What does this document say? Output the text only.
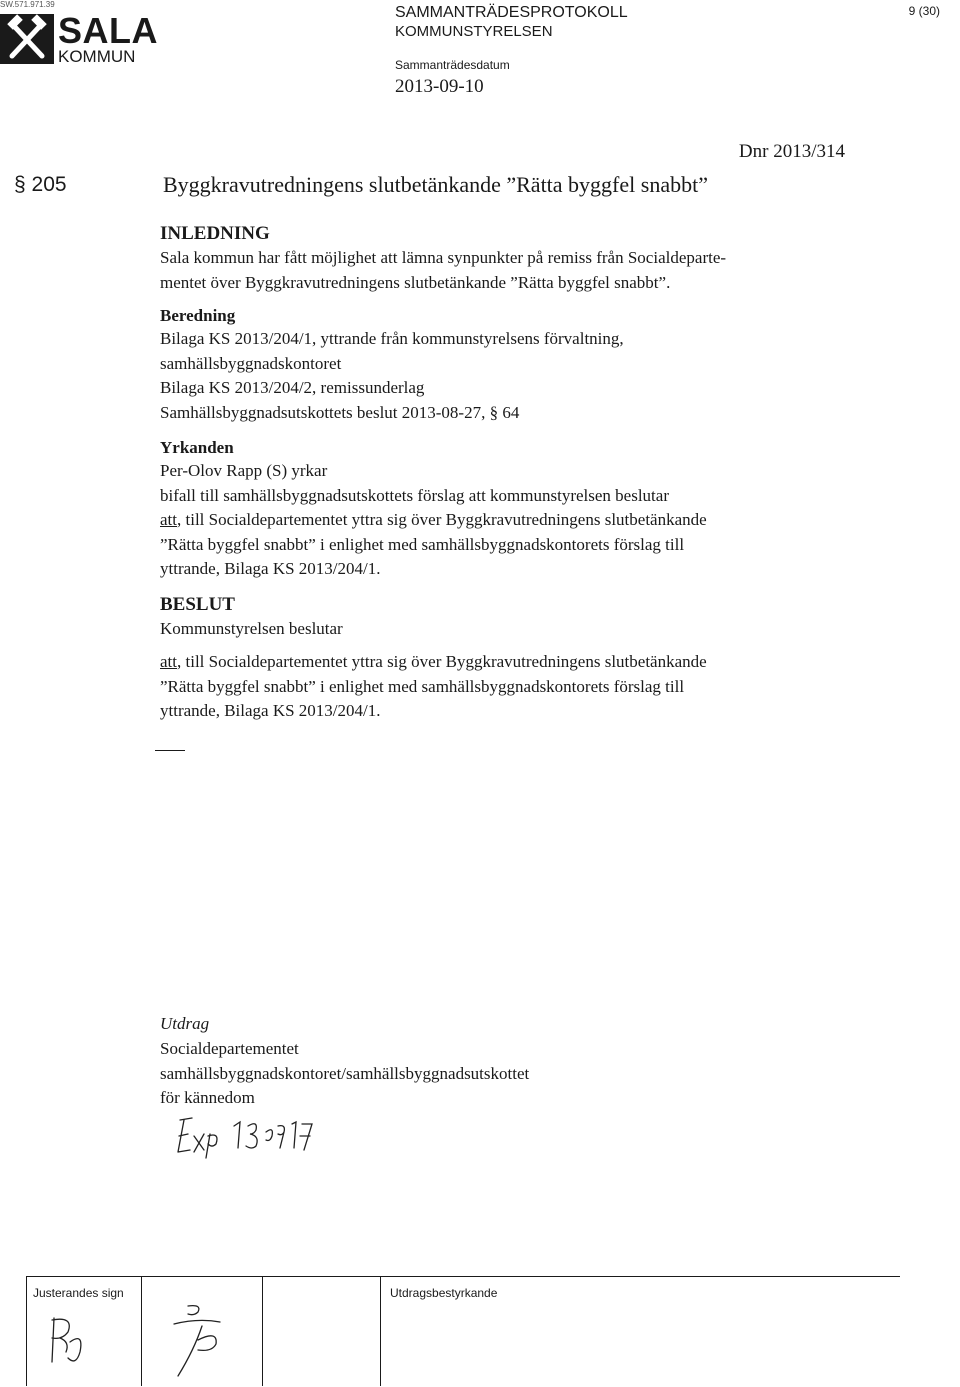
SW.571.971.39
SALA
KOMMUN
SAMMANTRÄDESPROTOKOLL
KOMMUNSTYRELSEN
Sammanträdesdatum
2013-09-10
9 (30)
Dnr 2013/314
§ 205	Byggkravutredningens slutbetänkande ”Rätta byggfel snabbt”
INLEDNING
Sala kommun har fått möjlighet att lämna synpunkter på remiss från Socialdeparte-
mentet över Byggkravutredningens slutbetänkande ”Rätta byggfel snabbt”.
Beredning
Bilaga KS 2013/204/1, yttrande från kommunstyrelsens förvaltning,
samhällsbyggnadskontoret
Bilaga KS 2013/204/2, remissunderlag
Samhällsbyggnadsutskottets beslut 2013-08-27, § 64
Yrkanden
Per-Olov Rapp (S) yrkar
bifall till samhällsbyggnadsutskottets förslag att kommunstyrelsen beslutar
att, till Socialdepartementet yttra sig över Byggkravutredningens slutbetänkande
”Rätta byggfel snabbt” i enlighet med samhällsbyggnadskontorets förslag till
yttrande, Bilaga KS 2013/204/1.
BESLUT
Kommunstyrelsen beslutar
att, till Socialdepartementet yttra sig över Byggkravutredningens slutbetänkande
”Rätta byggfel snabbt” i enlighet med samhällsbyggnadskontorets förslag till
yttrande, Bilaga KS 2013/204/1.
Utdrag
Socialdepartementet
samhällsbyggnadskontoret/samhällsbyggnadsutskottet
för kännedom
Justerandes sign	Utdragsbestyrkande
